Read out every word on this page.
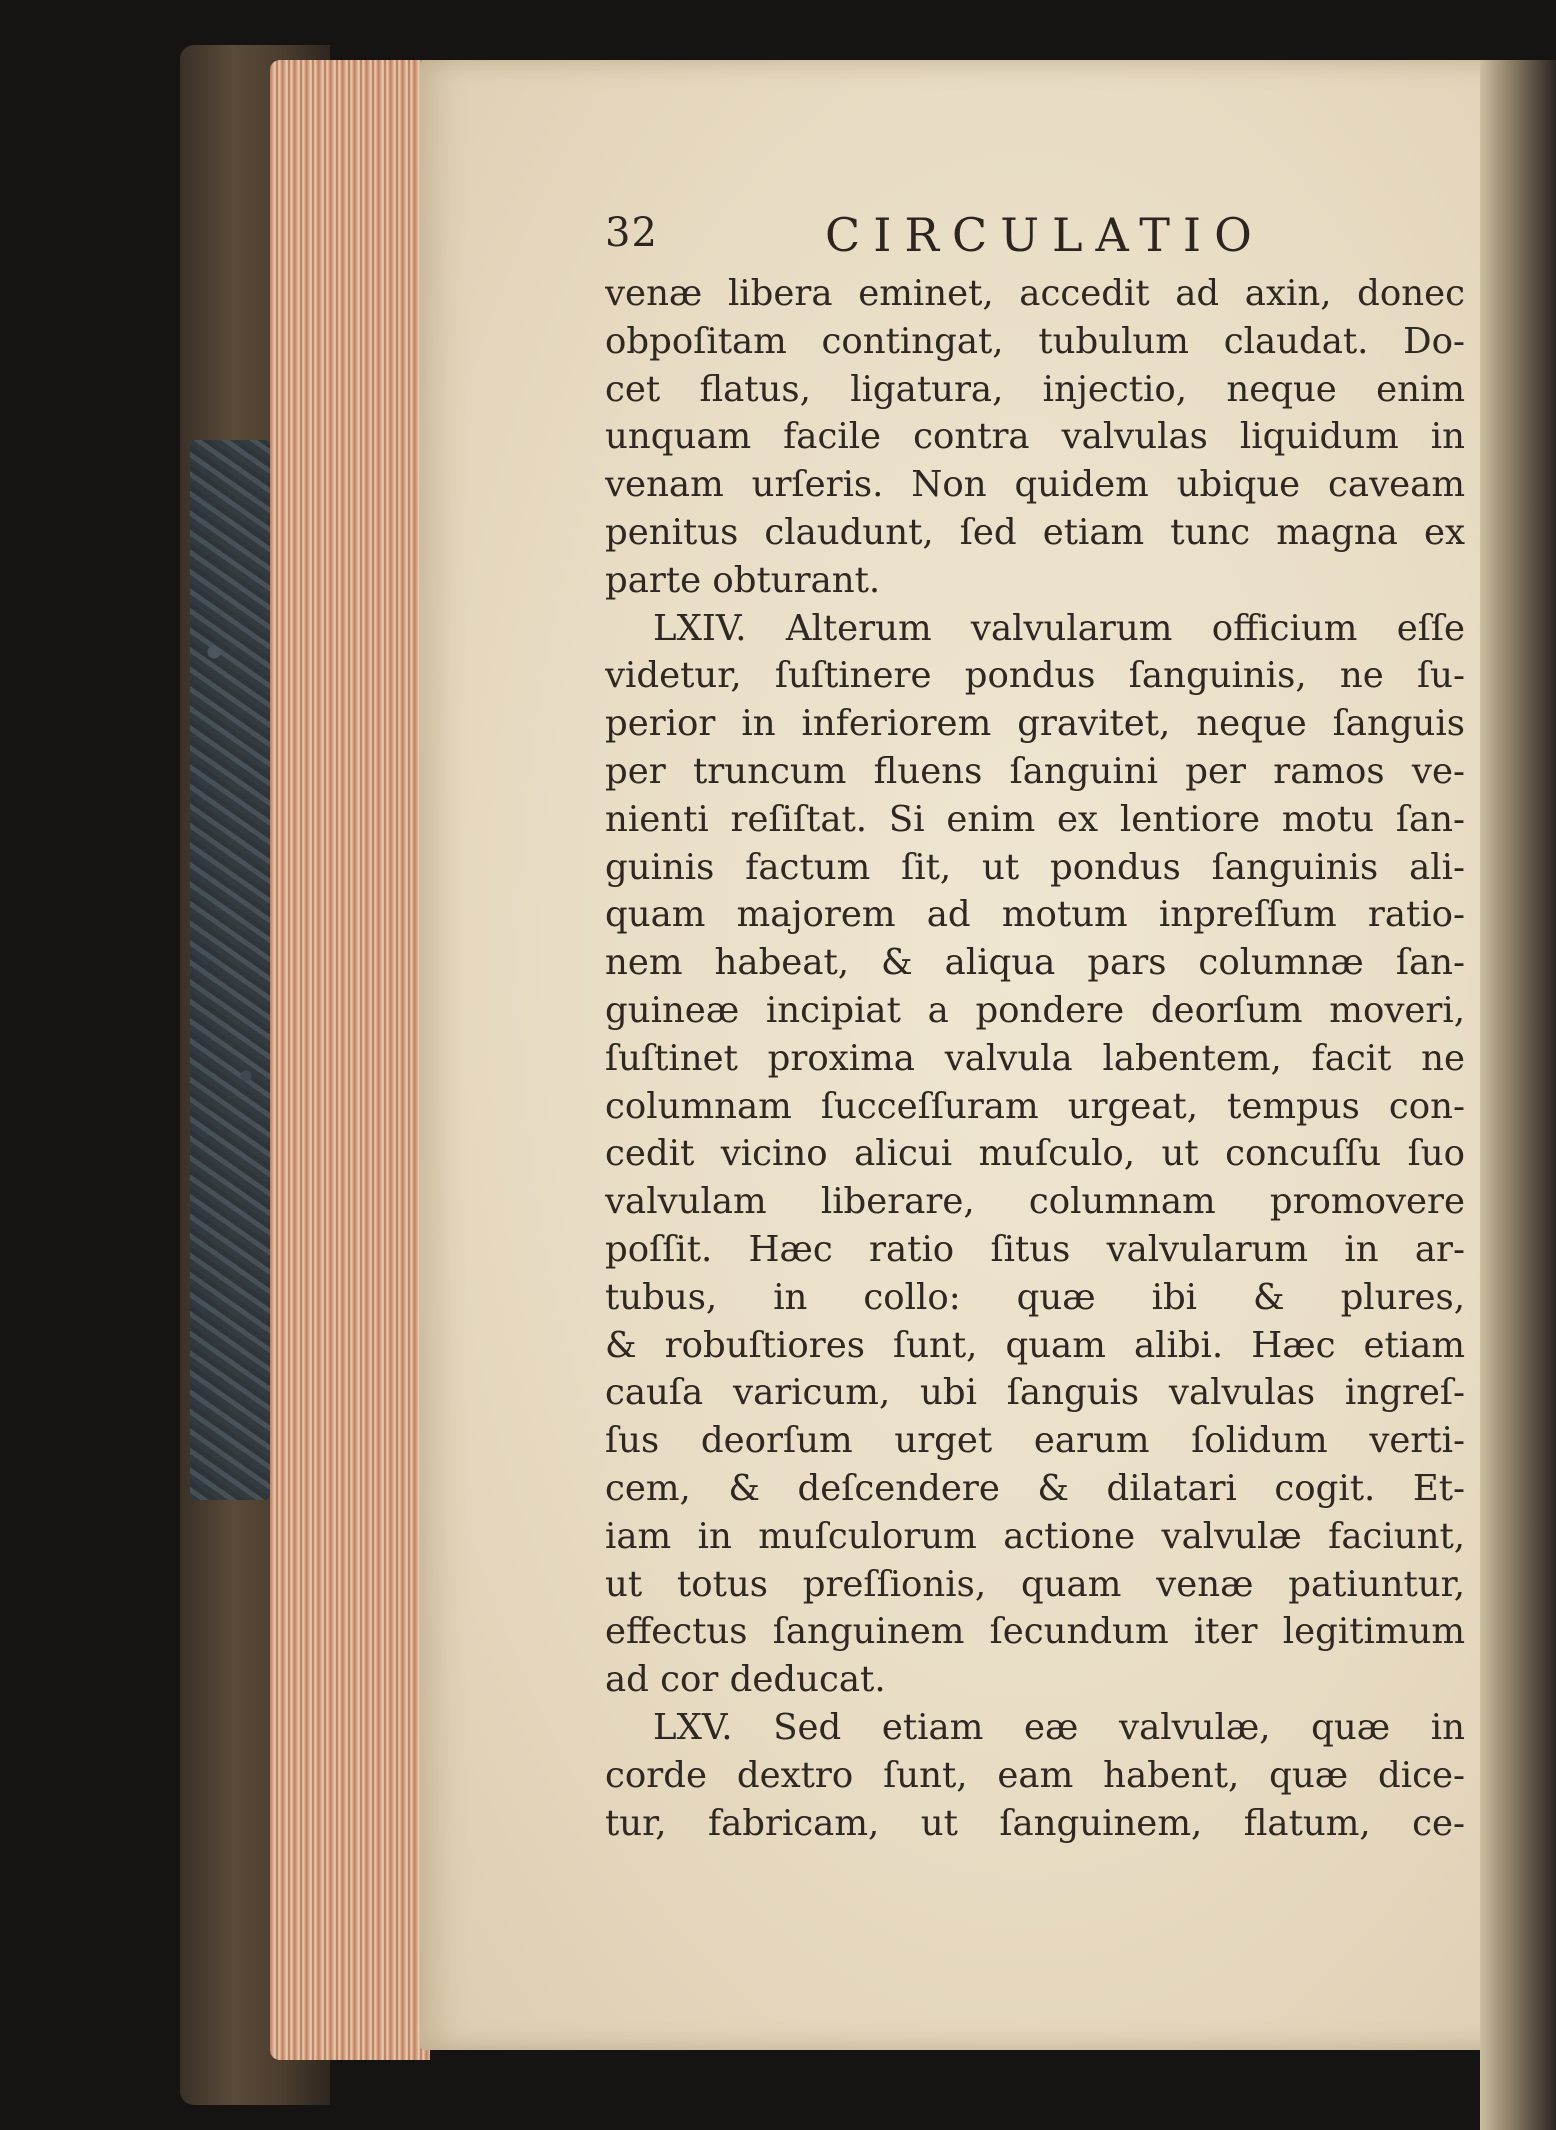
32	CIRCULATIO
venæ libera eminet, accedit ad axin, donec
obpoſitam contingat, tubulum claudat. Do-
cet flatus, ligatura, injectio, neque enim
unquam facile contra valvulas liquidum in
venam urſeris. Non quidem ubique caveam
penitus claudunt, ſed etiam tunc magna ex
parte obturant.
LXIV. Alterum valvularum officium eſſe
videtur, ſuſtinere pondus ſanguinis, ne ſu-
perior in inferiorem gravitet, neque ſanguis
per truncum fluens ſanguini per ramos ve-
nienti reſiſtat. Si enim ex lentiore motu ſan-
guinis factum ſit, ut pondus ſanguinis ali-
quam majorem ad motum inpreſſum ratio-
nem habeat, & aliqua pars columnæ ſan-
guineæ incipiat a pondere deorſum moveri,
ſuſtinet proxima valvula labentem, facit ne
columnam ſucceſſuram urgeat, tempus con-
cedit vicino alicui muſculo, ut concuſſu ſuo
valvulam liberare, columnam promovere
poſſit. Hæc ratio ſitus valvularum in ar-
tubus, in collo: quæ ibi & plures,
& robuſtiores ſunt, quam alibi. Hæc etiam
cauſa varicum, ubi ſanguis valvulas ingreſ-
ſus deorſum urget earum ſolidum verti-
cem, & deſcendere & dilatari cogit. Et-
iam in muſculorum actione valvulæ faciunt,
ut totus preſſionis, quam venæ patiuntur,
effectus ſanguinem ſecundum iter legitimum
ad cor deducat.
LXV. Sed etiam eæ valvulæ, quæ in
corde dextro ſunt, eam habent, quæ dice-
tur, fabricam, ut ſanguinem, flatum, ce-
